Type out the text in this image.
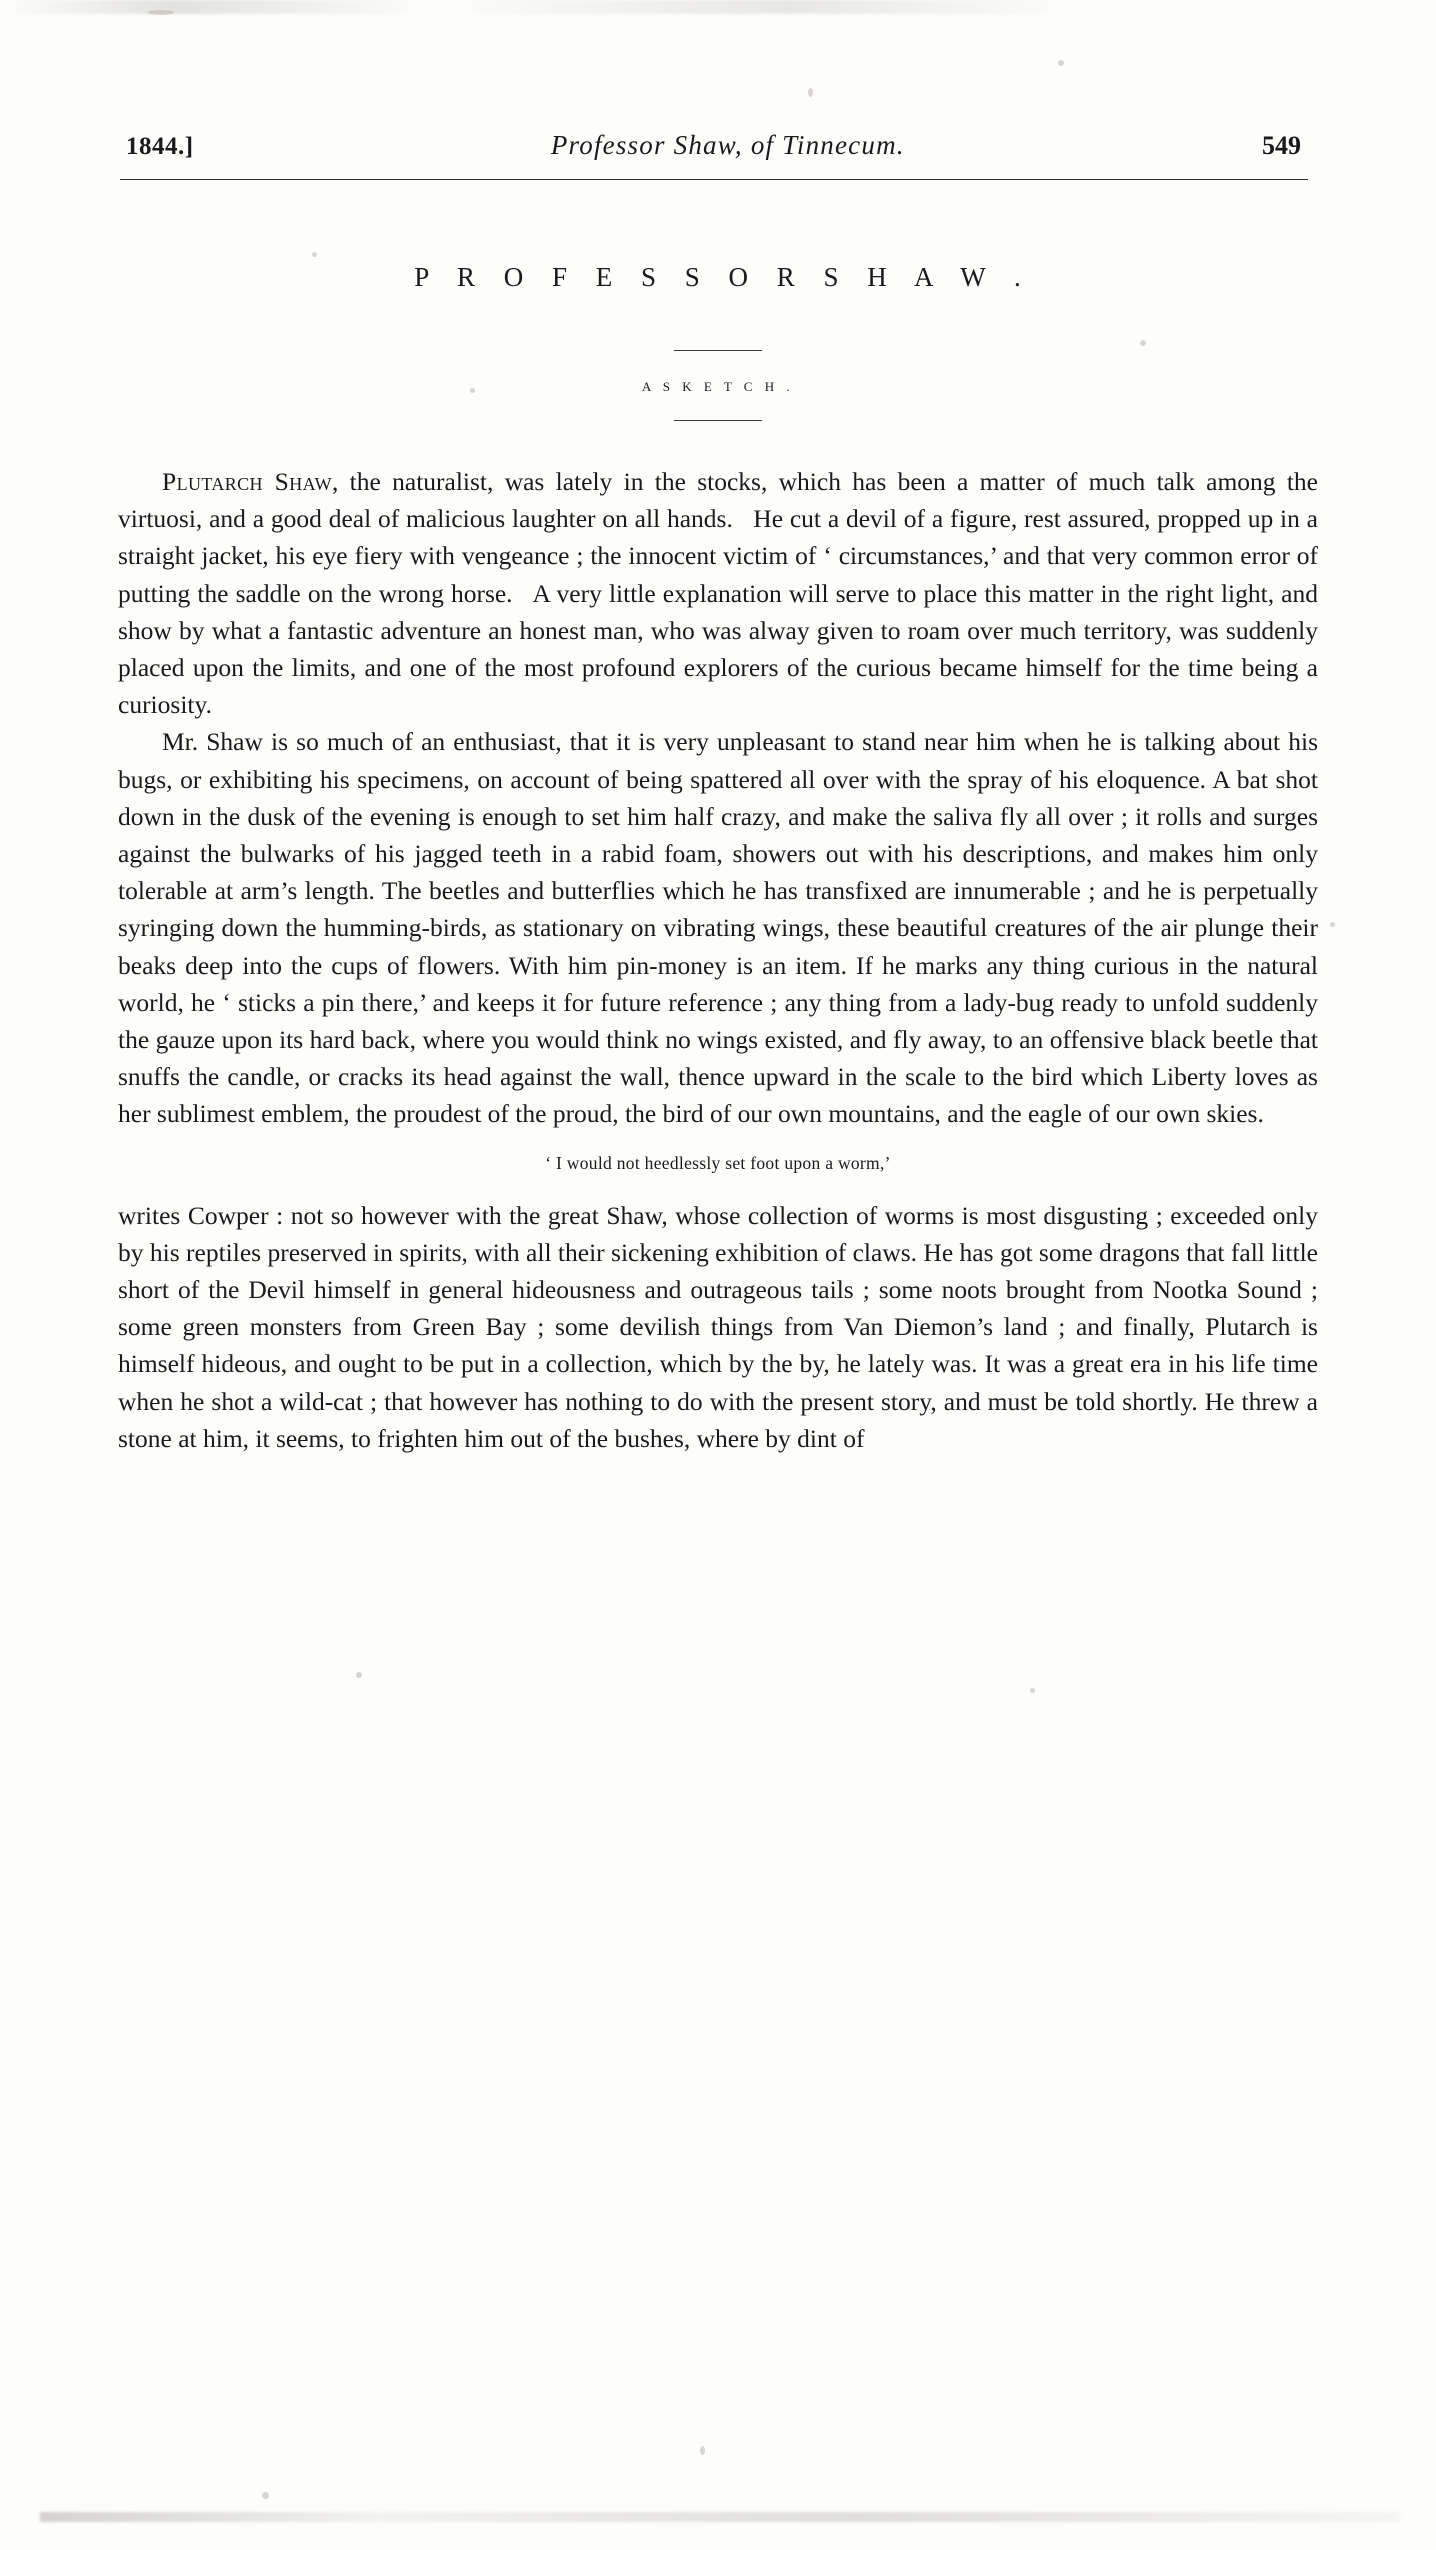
1844.]	Professor Shaw, of Tinnecum.	549
P R O F E S S O R S H A W .
A S K E T C H .

Plutarch Shaw, the naturalist, was lately in the stocks, which has been a matter of much talk among the virtuosi, and a good deal of malicious laughter on all hands.   He cut a devil of a figure, rest assured, propped up in a straight jacket, his eye fiery with vengeance ; the innocent victim of ‘ circumstances,’ and that very common error of putting the saddle on the wrong horse.   A very little explanation will serve to place this matter in the right light, and show by what a fantastic adventure an honest man, who was alway given to roam over much territory, was suddenly placed upon the limits, and one of the most profound explorers of the curious became himself for the time being a curiosity.

Mr. Shaw is so much of an enthusiast, that it is very unpleasant to stand near him when he is talking about his bugs, or exhibiting his specimens, on account of being spattered all over with the spray of his eloquence. A bat shot down in the dusk of the evening is enough to set him half crazy, and make the saliva fly all over ; it rolls and surges against the bulwarks of his jagged teeth in a rabid foam, showers out with his descriptions, and makes him only tolerable at arm’s length. The beetles and butterflies which he has transfixed are innumerable ; and he is perpetually syringing down the humming-birds, as stationary on vibrating wings, these beautiful creatures of the air plunge their beaks deep into the cups of flowers. With him pin-money is an item. If he marks any thing curious in the natural world, he ‘ sticks a pin there,’ and keeps it for future reference ; any thing from a lady-bug ready to unfold suddenly the gauze upon its hard back, where you would think no wings existed, and fly away, to an offensive black beetle that snuffs the candle, or cracks its head against the wall, thence upward in the scale to the bird which Liberty loves as her sublimest emblem, the proudest of the proud, the bird of our own mountains, and the eagle of our own skies.

‘ I would not heedlessly set foot upon a worm,’

writes Cowper : not so however with the great Shaw, whose collection of worms is most disgusting ; exceeded only by his reptiles preserved in spirits, with all their sickening exhibition of claws. He has got some dragons that fall little short of the Devil himself in general hideousness and outrageous tails ; some noots brought from Nootka Sound ; some green monsters from Green Bay ; some devilish things from Van Diemon’s land ; and finally, Plutarch is himself hideous, and ought to be put in a collection, which by the by, he lately was. It was a great era in his life time when he shot a wild-cat ; that however has nothing to do with the present story, and must be told shortly. He threw a stone at him, it seems, to frighten him out of the bushes, where by dint of
